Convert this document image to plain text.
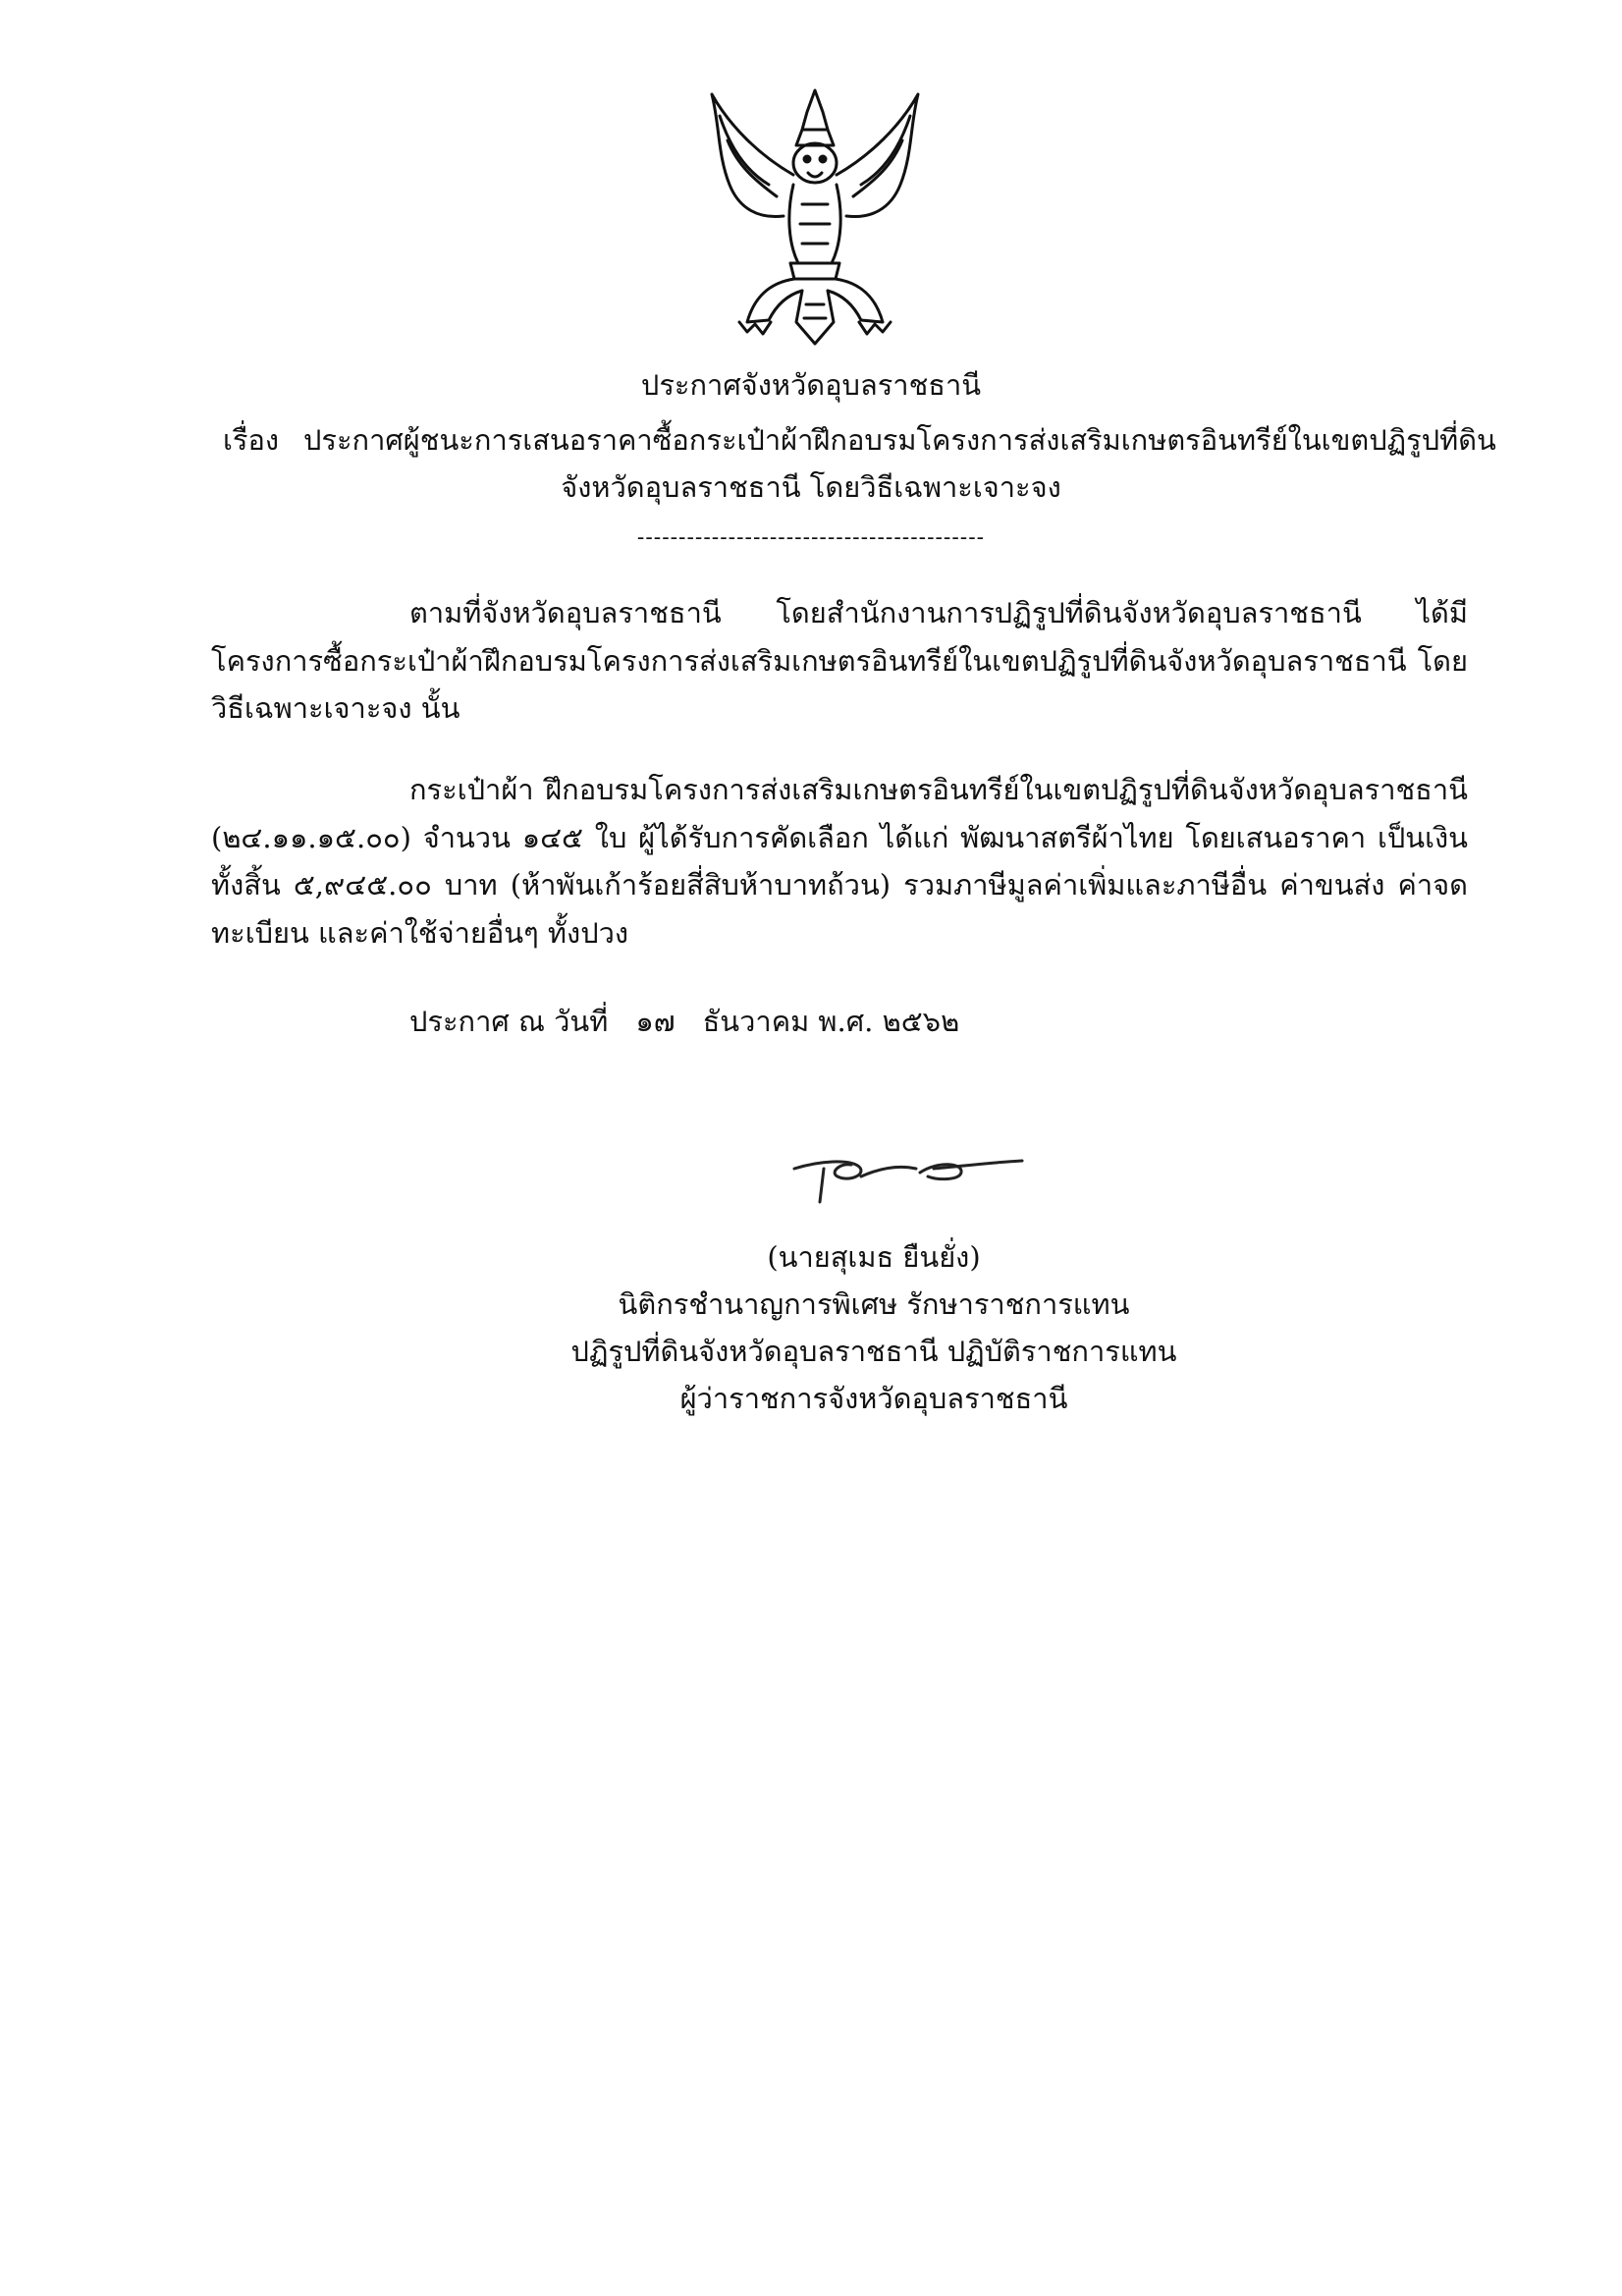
ประกาศจังหวัดอุบลราชธานี
เรื่อง ประกาศผู้ชนะการเสนอราคาซื้อกระเป๋าผ้าฝึกอบรมโครงการส่งเสริมเกษตรอินทรีย์ในเขตปฏิรูปที่ดิน
จังหวัดอุบลราชธานี โดยวิธีเฉพาะเจาะจง
------------------------------------------
ตามที่จังหวัดอุบลราชธานี โดยสำนักงานการปฏิรูปที่ดินจังหวัดอุบลราชธานี ได้มีโครงการซื้อกระเป๋าผ้าฝึกอบรมโครงการส่งเสริมเกษตรอินทรีย์ในเขตปฏิรูปที่ดินจังหวัดอุบลราชธานี โดยวิธีเฉพาะเจาะจง นั้น
กระเป๋าผ้า ฝึกอบรมโครงการส่งเสริมเกษตรอินทรีย์ในเขตปฏิรูปที่ดินจังหวัดอุบลราชธานี (๒๔.๑๑.๑๕.๐๐) จำนวน ๑๔๕ ใบ ผู้ได้รับการคัดเลือก ได้แก่ พัฒนาสตรีผ้าไทย โดยเสนอราคา เป็นเงินทั้งสิ้น ๕,๙๔๕.๐๐ บาท (ห้าพันเก้าร้อยสี่สิบห้าบาทถ้วน) รวมภาษีมูลค่าเพิ่มและภาษีอื่น ค่าขนส่ง ค่าจดทะเบียน และค่าใช้จ่ายอื่นๆ ทั้งปวง
ประกาศ ณ วันที่ ๑๗ ธันวาคม พ.ศ. ๒๕๖๒
(นายสุเมธ ยืนยั่ง)
นิติกรชำนาญการพิเศษ รักษาราชการแทน
ปฏิรูปที่ดินจังหวัดอุบลราชธานี ปฏิบัติราชการแทน
ผู้ว่าราชการจังหวัดอุบลราชธานี
